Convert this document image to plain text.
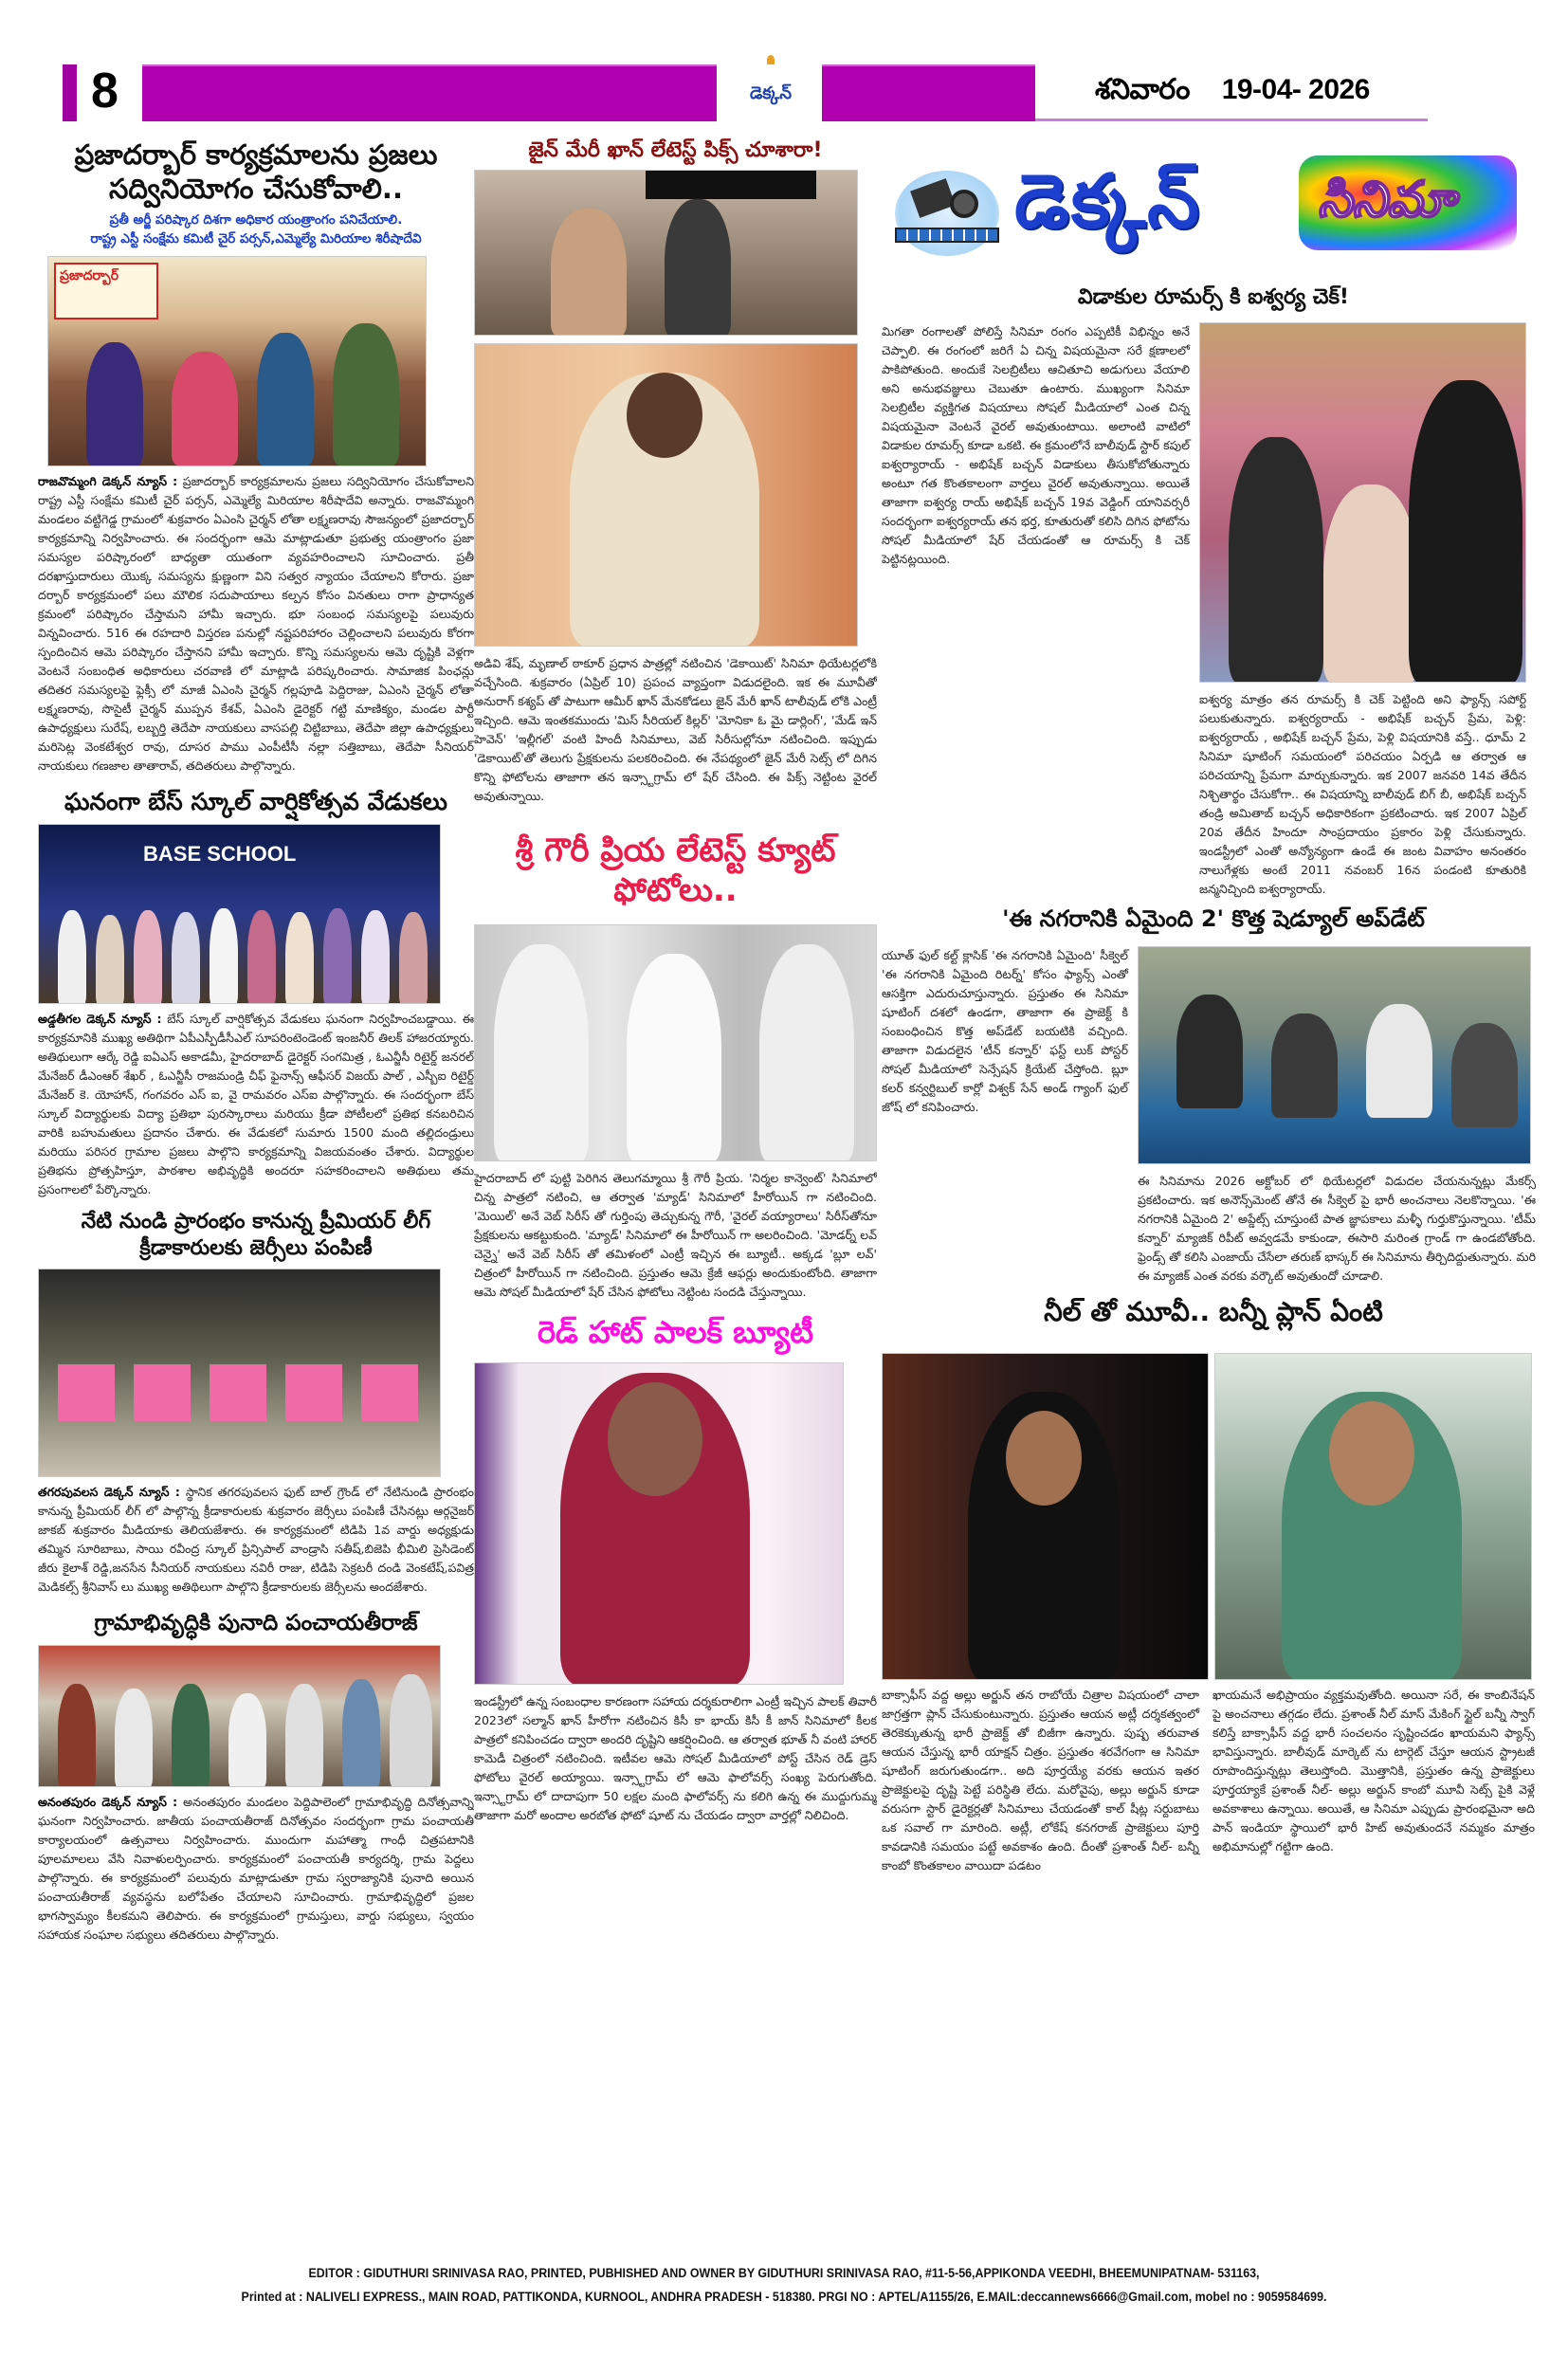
8	డెక్కన్	శనివారం 19-04- 2026
ప్రజాదర్బార్ కార్యక్రమాలను ప్రజలు
సద్వినియోగం చేసుకోవాలి..
ప్రతీ అర్జీ పరిష్కార దిశగా అధికార యంత్రాంగం పనిచేయాలి.
రాష్ట్ర ఎస్టీ సంక్షేమ కమిటీ చైర్ పర్సన్,ఎమ్మెల్యే మిరియాల శిరీషాదేవి
ప్రజాదర్బార్

రాజవొమ్మంగి డెక్కన్ న్యూస్ : ప్రజాదర్బార్ కార్యక్రమాలను ప్రజలు సద్వినియోగం చేసుకోవాలని రాష్ట్ర ఎస్టీ సంక్షేమ కమిటీ చైర్ పర్సన్, ఎమ్మెల్యే మిరియాల శిరీషాదేవి అన్నారు. రాజవొమ్మంగి మండలం వట్టిగెడ్డ గ్రామంలో శుక్రవారం ఏఎంసి చైర్మన్ లోతా లక్ష్మణరావు సౌజన్యంలో ప్రజాదర్బార్ కార్యక్రమాన్ని నిర్వహించారు. ఈ సందర్భంగా ఆమె మాట్లాడుతూ ప్రభుత్వ యంత్రాంగం ప్రజా సమస్యల పరిష్కారంలో బాధ్యతా యుతంగా వ్యవహరించాలని సూచించారు. ప్రతీ దరఖాస్తుదారులు యొక్క సమస్యను క్షుణ్ణంగా విని సత్వర న్యాయం చేయాలని కోరారు. ప్రజా దర్బార్ కార్యక్రమంలో పలు మౌలిక సదుపాయాలు కల్పన కోసం వినతులు రాగా ప్రాధాన్యత క్రమంలో పరిష్కారం చేస్తామని హామీ ఇచ్చారు. భూ సంబంధ సమస్యలపై పలువురు విన్నవించారు. 516 ఈ రహదారి విస్తరణ పనుల్లో నష్టపరిహారం చెల్లించాలని పలువురు కోరగా స్పందించిన ఆమె పరిష్కారం చేస్తానని హామీ ఇచ్చారు. కొన్ని సమస్యలను ఆమె దృష్టికి వెళ్లగా వెంటనే సంబంధిత అధికారులు చరవాణి లో మాట్లాడి పరిష్కరించారు. సామాజిక పింఛన్లు తదితర సమస్యలపై ఫ్లెక్సీ లో మాజీ ఏఎంసి చైర్మన్ గల్లపూడి పెద్దిరాజు, ఏఎంసి చైర్మన్ లోతా లక్ష్మణరావు, సొసైటీ చైర్మన్ ముప్పన కేశవ్, ఏఎంసి డైరెక్టర్ గట్టి మాణిక్యం, మండల పార్టీ ఉపాధ్యక్షులు సురేష్, లబ్బర్తి తెదేపా నాయకులు వాసపల్లి చిట్టిబాబు, తెదేపా జిల్లా ఉపాధ్యక్షులు మరిసెట్ల వెంకటేశ్వర రావు, దూసర పాము ఎంపీటీసీ నల్లా సత్తిబాబు, తెదేపా సీనియర్ నాయకులు గణజాల తాతారావ్, తదితరులు పాల్గొన్నారు.

ఘనంగా బేస్ స్కూల్ వార్షికోత్సవ వేడుకలు
BASE SCHOOL

అడ్డతీగల డెక్కన్ న్యూస్ : బేస్ స్కూల్ వార్షికోత్సవ వేడుకలు ఘనంగా నిర్వహించబడ్డాయి. ఈ కార్యక్రమానికి ముఖ్య అతిథిగా ఏపీఎస్పీడీసీఎల్ సూపరింటెండెంట్ ఇంజనీర్ తిలక్ హాజరయ్యారు. అతిథులుగా ఆర్కే రెడ్డి ఐఏఎస్ అకాడమీ, హైదరాబాద్ డైరెక్టర్ సంగమిత్ర , ఓఎన్జీసీ రిటైర్డ్ జనరల్ మేనేజర్ డీఎంఆర్ శేఖర్ , ఓఎన్జీసీ రాజమండ్రి చీఫ్ ఫైనాన్స్ ఆఫీసర్ విజయ్ పాల్ , ఎస్బీఐ రిటైర్డ్ మేనేజర్ కె. యోహాన్, గంగవరం ఎస్ ఐ, వై రామవరం ఎస్ఐ పాల్గొన్నారు. ఈ సందర్భంగా బేస్ స్కూల్ విద్యార్థులకు విద్యా ప్రతిభా పురస్కారాలు మరియు క్రీడా పోటీలలో ప్రతిభ కనబరిచిన వారికి బహుమతులు ప్రదానం చేశారు. ఈ వేడుకలో సుమారు 1500 మంది తల్లిదండ్రులు మరియు పరిసర గ్రామాల ప్రజలు పాల్గొని కార్యక్రమాన్ని విజయవంతం చేశారు. విద్యార్థుల ప్రతిభను ప్రోత్సహిస్తూ, పాఠశాల అభివృద్ధికి అందరూ సహకరించాలని అతిథులు తమ ప్రసంగాలలో పేర్కొన్నారు.

నేటి నుండి ప్రారంభం కానున్న ప్రీమియర్ లీగ్
క్రీడాకారులకు జెర్సీలు పంపిణీ

తగరపువలస డెక్కన్ న్యూస్ : స్థానిక తగరపువలస ఫుట్ బాల్ గ్రౌండ్ లో నేటినుండి ప్రారంభం కానున్న ప్రీమియర్ లీగ్ లో పాల్గొన్న క్రీడాకారులకు శుక్రవారం జెర్సీలు పంపిణీ చేసినట్లు ఆర్గనైజర్ జాకబ్ శుక్రవారం మీడియాకు తెలియజేశారు. ఈ కార్యక్రమంలో టిడిపి 1వ వార్డు అధ్యక్షుడు తమ్మిన సూరిబాబు, సాయి రవీంద్ర స్కూల్ ప్రిన్సిపాల్ వాండ్రాసి సతీష్,బిజెపి భీమిలి ప్రెసిడెంట్ జీరు కైలాశ్ రెడ్డి,జనసేన సీనియర్ నాయకులు నవిరీ రాజు, టిడిపి సెక్రటరీ దండి వెంకటేష్,పవిత్ర మెడికల్స్ శ్రీనివాస్ లు ముఖ్య అతిథిలుగా పాల్గొని క్రీడాకారులకు జెర్సీలను అందజేశారు.

గ్రామాభివృద్ధికి పునాది పంచాయతీరాజ్

అనంతపురం డెక్కన్ న్యూస్ : అనంతపురం మండలం పెద్దిపాలెంలో గ్రామాభివృద్ధి దినోత్సవాన్ని ఘనంగా నిర్వహించారు. జాతీయ పంచాయతీరాజ్ దినోత్సవం సందర్భంగా గ్రామ పంచాయతీ కార్యాలయంలో ఉత్సవాలు నిర్వహించారు. ముందుగా మహాత్మా గాంధీ చిత్రపటానికి పూలమాలలు వేసి నివాళులర్పించారు. కార్యక్రమంలో పంచాయతీ కార్యదర్శి, గ్రామ పెద్దలు పాల్గొన్నారు. ఈ కార్యక్రమంలో పలువురు మాట్లాడుతూ గ్రామ స్వరాజ్యానికి పునాది అయిన పంచాయతీరాజ్ వ్యవస్థను బలోపేతం చేయాలని సూచించారు. గ్రామాభివృద్ధిలో ప్రజల భాగస్వామ్యం కీలకమని తెలిపారు. ఈ కార్యక్రమంలో గ్రామస్తులు, వార్డు సభ్యులు, స్వయం సహాయక సంఘాల సభ్యులు తదితరులు పాల్గొన్నారు.

జైన్ మేరీ ఖాన్ లేటెస్ట్ పిక్స్ చూశారా!

అడివి శేష్, మృణాల్ ఠాకూర్ ప్రధాన పాత్రల్లో నటించిన 'డెకాయిట్' సినిమా థియేటర్లలోకి వచ్చేసింది. శుక్రవారం (ఏప్రిల్ 10) ప్రపంచ వ్యాప్తంగా విడుదలైంది. ఇక ఈ మూవీతో అనురాగ్ కశ్యప్ తో పాటుగా ఆమీర్ ఖాన్ మేనకోడలు జైన్ మేరీ ఖాన్ టాలీవుడ్ లోకి ఎంట్రీ ఇచ్చింది. ఆమె ఇంతకముందు 'మిస్ సీరియల్ కిల్లర్' 'మోనికా ఓ మై డార్లింగ్', 'మేడ్ ఇన్ హెవెన్' 'ఇల్లీగల్' వంటి హిందీ సినిమాలు, వెబ్ సిరీసుల్లోనూ నటించింది. ఇప్పుడు 'డెకాయిట్'తో తెలుగు ప్రేక్షకులను పలకరించింది. ఈ నేపథ్యంలో జైన్ మేరీ సెట్స్ లో దిగిన కొన్ని ఫోటోలను తాజాగా తన ఇన్స్టాగ్రామ్ లో షేర్ చేసింది. ఈ పిక్స్ నెట్టింట వైరల్ అవుతున్నాయి.

శ్రీ గౌరీ ప్రియ లేటెస్ట్ క్యూట్
ఫోటోలు..

హైదరాబాద్ లో పుట్టి పెరిగిన తెలుగమ్మాయి శ్రీ గౌరీ ప్రియ. 'నిర్మల కాన్వెంట్' సినిమాలో చిన్న పాత్రలో నటించి, ఆ తర్వాత 'మ్యాడ్' సినిమాలో హీరోయిన్ గా నటించింది. 'మెయిల్' అనే వెబ్ సిరీస్ తో గుర్తింపు తెచ్చుకున్న గౌరీ, 'వైరల్ వయ్యారాలు' సిరీస్‌తోనూ ప్రేక్షకులను ఆకట్టుకుంది. 'మ్యాడ్' సినిమాలో ఈ హీరోయిన్ గా అలరించింది. 'మోడర్న్ లవ్ చెన్నై' అనే వెబ్ సిరీస్ తో తమిళంలో ఎంట్రీ ఇచ్చిన ఈ బ్యూటీ.. అక్కడ 'బ్లూ లవ్' చిత్రంలో హీరోయిన్ గా నటించింది. ప్రస్తుతం ఆమె క్రేజీ ఆఫర్లు అందుకుంటోంది. తాజాగా ఆమె సోషల్ మీడియాలో షేర్ చేసిన ఫోటోలు నెట్టింట సందడి చేస్తున్నాయి.

రెడ్ హాట్ పాలక్ బ్యూటీ

ఇండస్ట్రీలో ఉన్న సంబంధాల కారణంగా సహాయ దర్శకురాలిగా ఎంట్రీ ఇచ్చిన పాలక్ తివారీ 2023లో సల్మాన్ ఖాన్ హీరోగా నటించిన కిసీ కా భాయ్ కిసీ కీ జాన్ సినిమాలో కీలక పాత్రలో కనిపించడం ద్వారా అందరి దృష్టిని ఆకర్షించింది. ఆ తర్వాత భూత్ నీ వంటి హారర్ కామెడీ చిత్రంలో నటించింది. ఇటీవల ఆమె సోషల్ మీడియాలో పోస్ట్ చేసిన రెడ్ డ్రెస్ ఫోటోలు వైరల్ అయ్యాయి. ఇన్స్టాగ్రామ్ లో ఆమె ఫాలోవర్స్ సంఖ్య పెరుగుతోంది. ఇన్స్టాగ్రామ్ లో దాదాపుగా 50 లక్షల మంది ఫాలోవర్స్ ను కలిగి ఉన్న ఈ ముద్దుగుమ్మ తాజాగా మరో అందాల అరబోత ఫోటో షూట్ ను చేయడం ద్వారా వార్తల్లో నిలిచింది.

డెక్కన్ సినిమా
విడాకుల రూమర్స్ కి ఐశ్వర్య చెక్!

మిగతా రంగాలతో పోలిస్తే సినిమా రంగం ఎప్పటికీ విభిన్నం అనే చెప్పాలి. ఈ రంగంలో జరిగే ఏ చిన్న విషయమైనా సరే క్షణాలలో పాకిపోతుంది. అందుకే సెలబ్రిటీలు ఆచితూచి అడుగులు వేయాలి అని అనుభవజ్ఞులు చెబుతూ ఉంటారు. ముఖ్యంగా సినిమా సెలబ్రిటీల వ్యక్తిగత విషయాలు సోషల్ మీడియాలో ఎంత చిన్న విషయమైనా వెంటనే వైరల్ అవుతుంటాయి. అలాంటి వాటిలో విడాకుల రూమర్స్ కూడా ఒకటి. ఈ క్రమంలోనే బాలీవుడ్ స్టార్ కపుల్ ఐశ్వర్యారాయ్ - అభిషేక్ బచ్చన్ విడాకులు తీసుకోబోతున్నారు అంటూ గత కొంతకాలంగా వార్తలు వైరల్ అవుతున్నాయి. అయితే తాజాగా ఐశ్వర్య రాయ్ అభిషేక్ బచ్చన్ 19వ వెడ్డింగ్ యానివర్సరీ సందర్భంగా ఐశ్వర్యరాయ్ తన భర్త, కూతురుతో కలిసి దిగిన ఫోటోను సోషల్ మీడియాలో షేర్ చేయడంతో ఆ రూమర్స్ కి చెక్ పెట్టినట్లయింది.

ఐశ్వర్య మాత్రం తన రూమర్స్ కి చెక్ పెట్టింది అని ఫ్యాన్స్ సపోర్ట్ పలుకుతున్నారు. ఐశ్వర్యరాయ్ - అభిషేక్ బచ్చన్ ప్రేమ, పెళ్లి: ఐశ్వర్యరాయ్ , అభిషేక్ బచ్చన్ ప్రేమ, పెళ్లి విషయానికి వస్తే.. ధూమ్ 2 సినిమా షూటింగ్ సమయంలో పరిచయం ఏర్పడి ఆ తర్వాత ఆ పరిచయాన్ని ప్రేమగా మార్చుకున్నారు. ఇక 2007 జనవరి 14వ తేదీన నిశ్చితార్థం చేసుకోగా.. ఈ విషయాన్ని బాలీవుడ్ బిగ్ బీ, అభిషేక్ బచ్చన్ తండ్రి అమితాబ్ బచ్చన్ అధికారికంగా ప్రకటించారు. ఇక 2007 ఏప్రిల్ 20వ తేదీన హిందూ సాంప్రదాయం ప్రకారం పెళ్లి చేసుకున్నారు. ఇండస్ట్రీలో ఎంతో అన్యోన్యంగా ఉండే ఈ జంట వివాహం అనంతరం నాలుగేళ్లకు అంటే 2011 నవంబర్ 16న పండంటి కూతురికి జన్మనిచ్చింది ఐశ్వర్యారాయ్.

'ఈ నగరానికి ఏమైంది 2' కొత్త షెడ్యూల్ అప్‌డేట్

యూత్ ఫుల్ కల్ట్ క్లాసిక్ 'ఈ నగరానికి ఏమైంది' సీక్వెల్ 'ఈ నగరానికి ఏమైంది రిటర్న్' కోసం ఫ్యాన్స్ ఎంతో ఆసక్తిగా ఎదురుచూస్తున్నారు. ప్రస్తుతం ఈ సినిమా షూటింగ్ దశలో ఉండగా, తాజాగా ఈ ప్రాజెక్ట్ కి సంబంధించిన కొత్త అప్‌డేట్ బయటికి వచ్చింది. తాజాగా విడుదలైన 'టీన్ కన్నార్' ఫస్ట్ లుక్ పోస్టర్ సోషల్ మీడియాలో సెన్సేషన్ క్రియేట్ చేస్తోంది. బ్లూ కలర్ కన్వర్టిబుల్ కార్లో విశ్వక్ సేన్ అండ్ గ్యాంగ్ ఫుల్ జోష్ లో కనిపించారు.

ఈ సినిమాను 2026 అక్టోబర్ లో థియేటర్లలో విడుదల చేయనున్నట్లు మేకర్స్ ప్రకటించారు. ఇక అనౌన్స్‌మెంట్ తోనే ఈ సీక్వెల్ పై భారీ అంచనాలు నెలకొన్నాయి. 'ఈ నగరానికి ఏమైంది 2' అప్డేట్స్ చూస్తుంటే పాత జ్ఞాపకాలు మళ్ళీ గుర్తుకొస్తున్నాయి. 'టీమ్ కన్నార్' మ్యాజిక్ రిపీట్ అవ్వడమే కాకుండా, ఈసారి మరింత గ్రాండ్ గా ఉండబోతోంది. ఫ్రెండ్స్ తో కలిసి ఎంజాయ్ చేసేలా తరుణ్ భాస్కర్ ఈ సినిమాను తీర్చిదిద్దుతున్నారు. మరి ఈ మ్యాజిక్ ఎంత వరకు వర్కౌట్ అవుతుందో చూడాలి.

నీల్ తో మూవీ.. బన్నీ ప్లాన్ ఏంటి

బాక్సాఫీస్ వద్ద అల్లు అర్జున్ తన రాబోయే చిత్రాల విషయంలో చాలా జాగ్రత్తగా ప్లాన్ చేసుకుంటున్నారు. ప్రస్తుతం ఆయన అట్లీ దర్శకత్వంలో తెరకెక్కుతున్న భారీ ప్రాజెక్ట్ తో బిజీగా ఉన్నారు. పుష్ప తరువాత ఆయన చేస్తున్న భారీ యాక్షన్ చిత్రం. ప్రస్తుతం శరవేగంగా ఆ సినిమా షూటింగ్ జరుగుతుండగా.. అది పూర్తయ్యే వరకు ఆయన ఇతర ప్రాజెక్టులపై దృష్టి పెట్టే పరిస్థితి లేదు. మరోవైపు, అల్లు అర్జున్ కూడా వరుసగా స్టార్ డైరెక్టర్లతో సినిమాలు చేయడంతో కాల్ షీట్ల సర్దుబాటు ఒక సవాల్ గా మారింది. అట్లీ, లోకేష్ కనగరాజ్ ప్రాజెక్టులు పూర్తి కావడానికి సమయం పట్టే అవకాశం ఉంది. దీంతో ప్రశాంత్ నీల్- బన్నీ కాంబో కొంతకాలం వాయిదా పడటం

ఖాయమనే అభిప్రాయం వ్యక్తమవుతోంది. అయినా సరే, ఈ కాంబినేషన్ పై అంచనాలు తగ్గడం లేదు. ప్రశాంత్ నీల్ మాస్ మేకింగ్ స్టైల్ బన్నీ స్వాగ్ కలిస్తే బాక్సాఫీస్ వద్ద భారీ సంచలనం సృష్టించడం ఖాయమని ఫ్యాన్స్ భావిస్తున్నారు. బాలీవుడ్ మార్కెట్ ను టార్గెట్ చేస్తూ ఆయన స్ట్రాటజీ రూపొందిస్తున్నట్లు తెలుస్తోంది. మొత్తానికి, ప్రస్తుతం ఉన్న ప్రాజెక్టులు పూర్తయ్యాకే ప్రశాంత్ నీల్- అల్లు అర్జున్ కాంబో మూవీ సెట్స్ పైకి వెళ్లే అవకాశాలు ఉన్నాయి. అయితే, ఆ సినిమా ఎప్పుడు ప్రారంభమైనా అది పాన్ ఇండియా స్థాయిలో భారీ హిట్ అవుతుందనే నమ్మకం మాత్రం అభిమానుల్లో గట్టిగా ఉంది.

EDITOR : GIDUTHURI SRINIVASA RAO, PRINTED, PUBHISHED AND OWNER BY GIDUTHURI SRINIVASA RAO, #11-5-56,APPIKONDA VEEDHI, BHEEMUNIPATNAM- 531163,
Printed at : NALIVELI EXPRESS., MAIN ROAD, PATTIKONDA, KURNOOL, ANDHRA PRADESH - 518380. PRGI NO : APTEL/A1155/26, E.MAIL:deccannews6666@Gmail.com, mobel no : 9059584699.
